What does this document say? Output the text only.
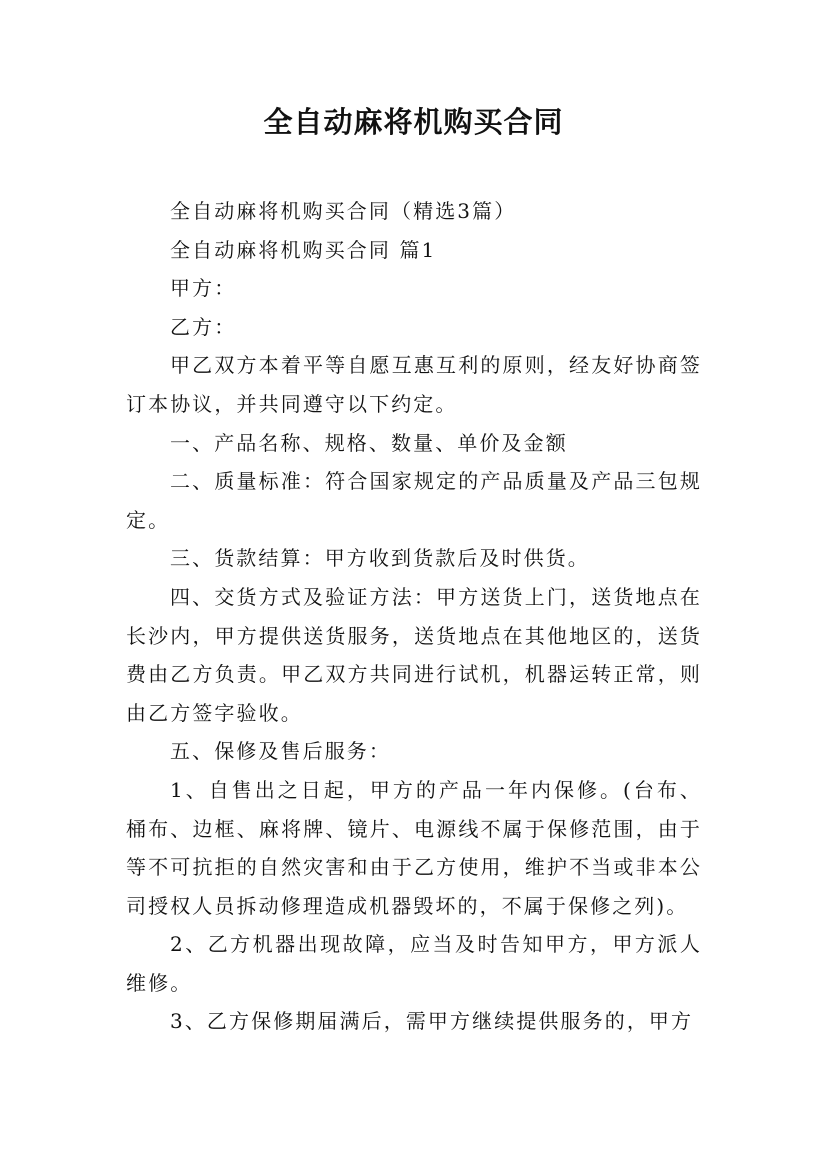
全自动麻将机购买合同

全自动麻将机购买合同（精选3篇）

全自动麻将机购买合同 篇1

甲方：

乙方：

甲乙双方本着平等自愿互惠互利的原则，经友好协商签订本协议，并共同遵守以下约定。

一、产品名称、规格、数量、单价及金额

二、质量标准：符合国家规定的产品质量及产品三包规定。

三、货款结算：甲方收到货款后及时供货。

四、交货方式及验证方法：甲方送货上门，送货地点在长沙内，甲方提供送货服务，送货地点在其他地区的，送货费由乙方负责。甲乙双方共同进行试机，机器运转正常，则由乙方签字验收。

五、保修及售后服务：

1、自售出之日起，甲方的产品一年内保修。(台布、桶布、边框、麻将牌、镜片、电源线不属于保修范围，由于等不可抗拒的自然灾害和由于乙方使用，维护不当或非本公司授权人员拆动修理造成机器毁坏的，不属于保修之列)。

2、乙方机器出现故障，应当及时告知甲方，甲方派人维修。

3、乙方保修期届满后，需甲方继续提供服务的，甲方
